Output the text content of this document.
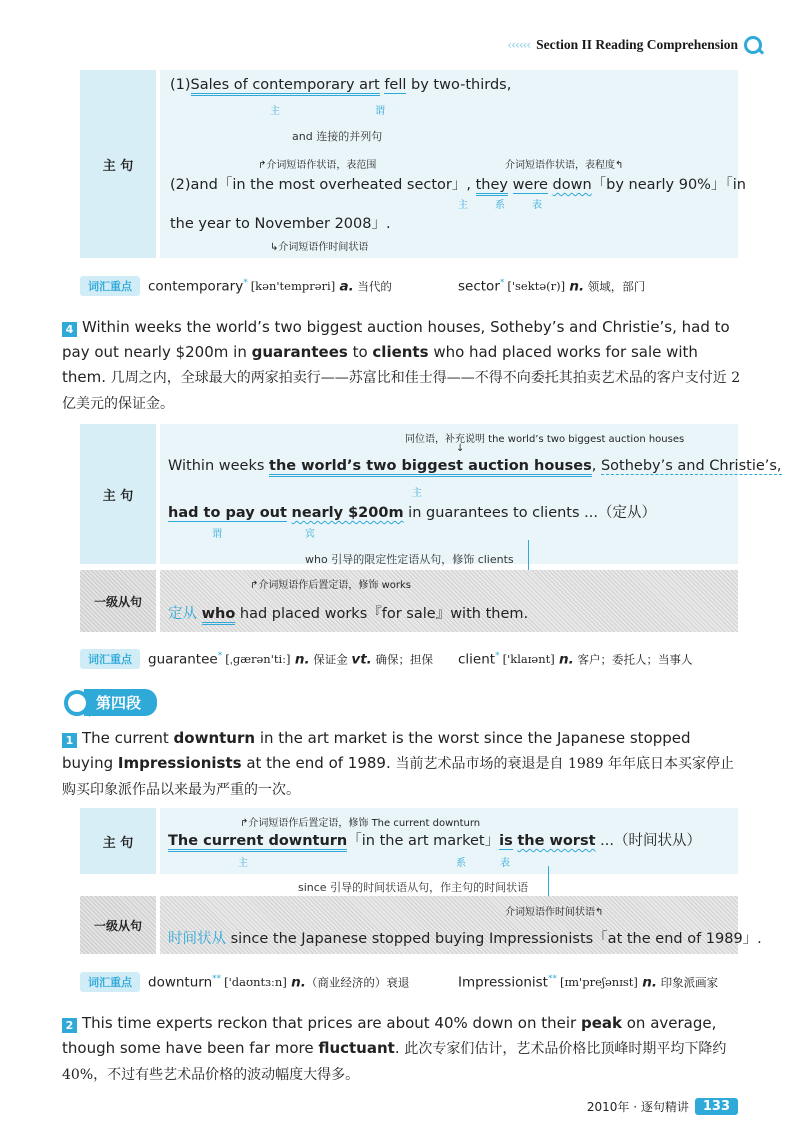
‹‹‹‹‹‹ Section II Reading Comprehension
主 句
(1)Sales of contemporary art fell by two-thirds,
主	谓
↱介词短语作状语，表范围	介词短语作状语，表程度↰
(2)and「in the most overheated sector」, they were down「by nearly 90%」「in
主	系	表
the year to November 2008」.
↳介词短语作时间状语
and 连接的并列句
词汇重点	contemporary* [kən'temprəri] a. 当代的	sector* ['sektə(r)] n. 领域，部门
4 Within weeks the world’s two biggest auction houses, Sotheby’s and Christie’s, had to pay out nearly $200m in guarantees to clients who had placed works for sale with them. 几周之内，全球最大的两家拍卖行——苏富比和佳士得——不得不向委托其拍卖艺术品的客户支付近 2 亿美元的保证金。
主 句
同位语，补充说明 the world’s two biggest auction houses
↓
Within weeks the world’s two biggest auction houses, Sotheby’s and Christie’s,
主
had to pay out nearly $200m in guarantees to clients ...（定从）
谓	宾
who 引导的限定性定语从句，修饰 clients
一级从句
↱介词短语作后置定语，修饰 works
定从 who had placed works『for sale』with them.
词汇重点	guarantee* [ˌɡærən'tiː] n. 保证金 vt. 确保；担保	client* ['klaɪənt] n. 客户；委托人；当事人
第四段
1 The current downturn in the art market is the worst since the Japanese stopped buying Impressionists at the end of 1989. 当前艺术品市场的衰退是自 1989 年年底日本买家停止购买印象派作品以来最为严重的一次。
主 句
↱介词短语作后置定语，修饰 The current downturn
The current downturn「in the art market」is the worst ...（时间状从）
主	系	表
since 引导的时间状语从句，作主句的时间状语
一级从句
介词短语作时间状语↰
时间状从 since the Japanese stopped buying Impressionists「at the end of 1989」.
词汇重点	downturn** ['daʊntɜːn] n.（商业经济的）衰退	Impressionist** [ɪm'preʃənɪst] n. 印象派画家
2 This time experts reckon that prices are about 40% down on their peak on average, though some have been far more fluctuant. 此次专家们估计，艺术品价格比顶峰时期平均下降约 40%，不过有些艺术品价格的波动幅度大得多。
2010年 · 逐句精讲	133
